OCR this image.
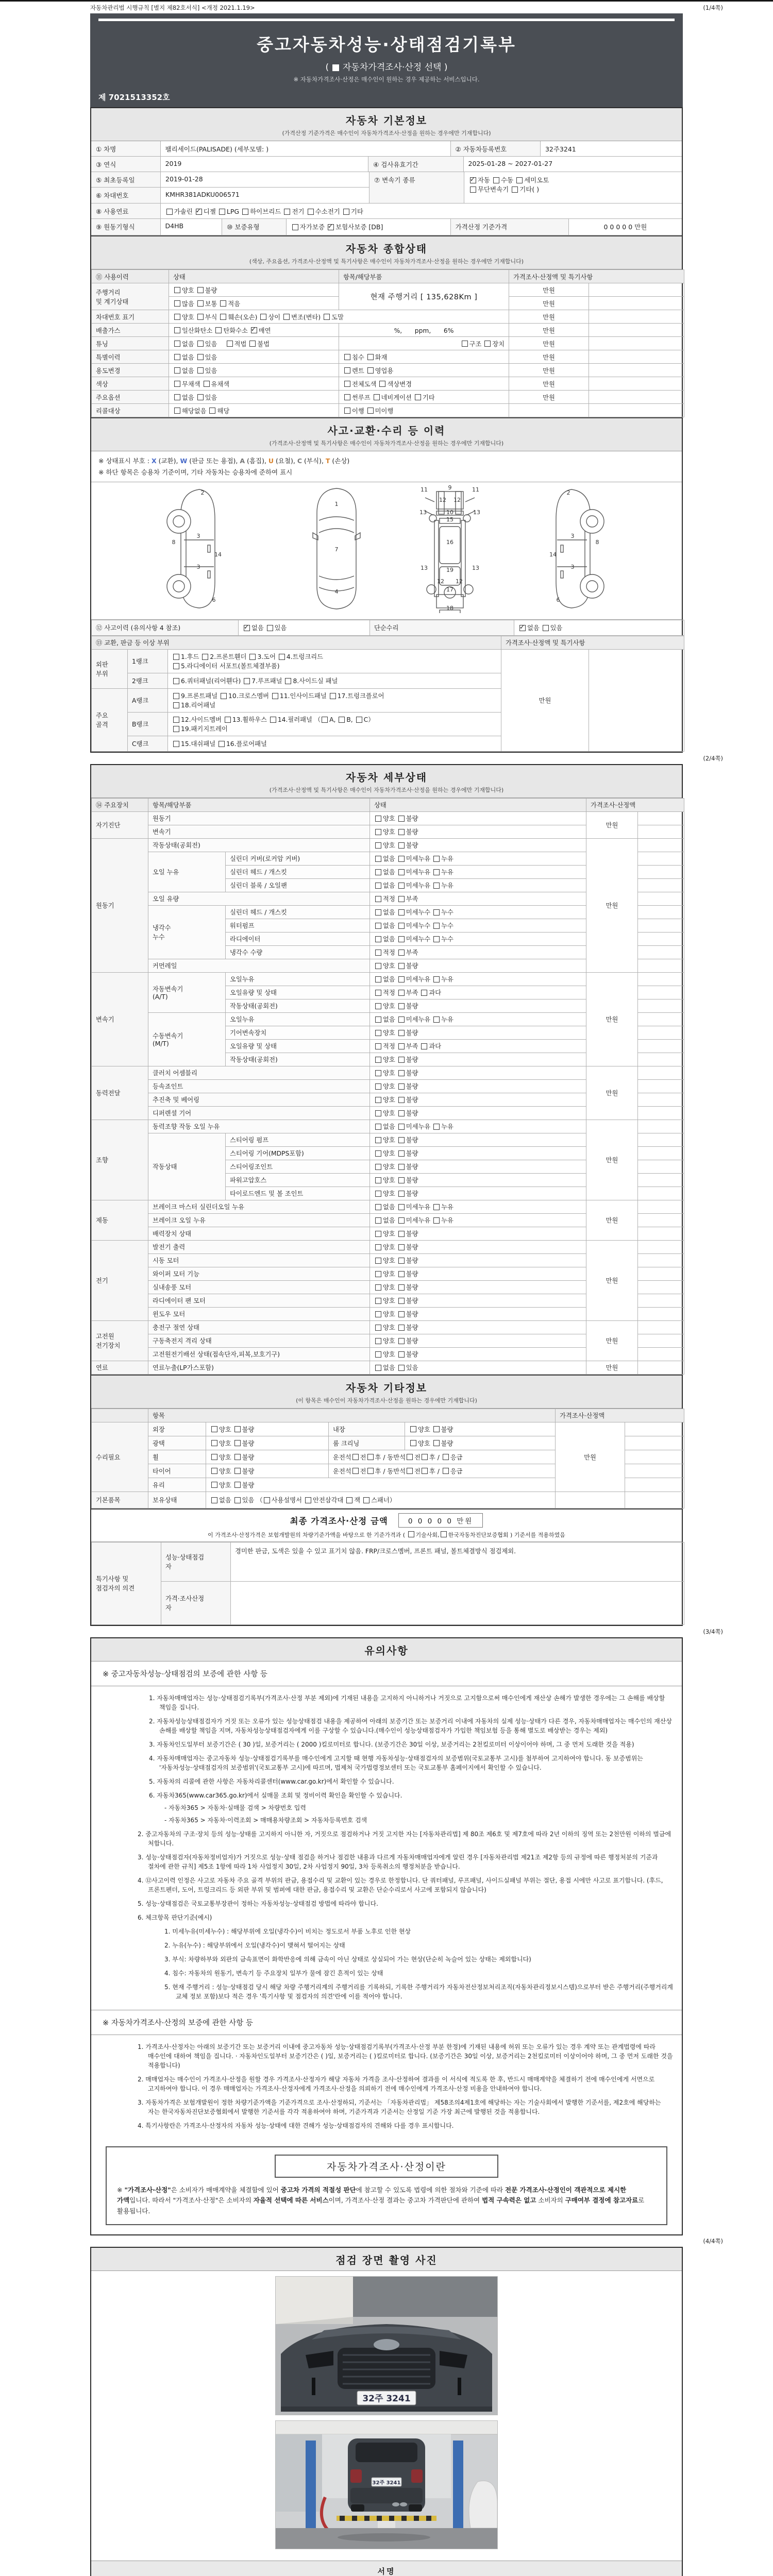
자동차관리법 시행규칙 [별지 제82호서식] <개정 2021.1.19>	(1/4쪽)
중고자동차성능·상태점검기록부
( ■ 자동차가격조사·산정 선택 )
※ 자동차가격조사·산정은 매수인이 원하는 경우 제공하는 서비스입니다.
제 7021513352호
자동차 기본정보

(가격산정 기준가격은 매수인이 자동차가격조사·산정을 원하는 경우에만 기재합니다)

① 차명	팰리세이드(PALISADE) (세부모델: )	② 자동차등록번호	32주3241
③ 연식	2019	④ 검사유효기간	2025-01-28 ~ 2027-01-27
⑤ 최초등록일	2019-01-28
⑥ 차대번호	KMHR381ADKU006571
⑦ 변속기 종류 ✓	자동 수동 세미오토
무단변속기 기타( )
⑧ 사용연료	가솔린 ✓디젤 LPG 하이브리드 전기 수소전기 기타
⑨ 원동기형식	D4HB	⑩ 보증유형	자가보증 ✓보험사보증 [DB]	가격산정 기준가격	0 0 0 0 0 만원
자동차 종합상태

(색상, 주요옵션, 가격조사·산정액 및 특기사항은 매수인이 자동차가격조사·산정을 원하는 경우에만 기재합니다)

⑪ 사용이력	상태	항목/해당부품	가격조사·산정액 및 특기사항	
주행거리
및 계기상태	양호 불량	현재 주행거리 [ 135,628Km ]	만원	
	많음 보통 적음		만원	
차대번호 표기	양호 부식 훼손(오손) 상이 변조(변타) 도말		만원	
배출가스	일산화탄소 탄화수소 ✓매연	%,　　ppm,　　6%	만원	
튜닝	없음 있음　 적법 불법	구조 장치	만원	
특별이력	없음 있음	침수 화재	만원	
용도변경	없음 있음	렌트 영업용	만원	
색상	무채색 유채색	전체도색 색상변경	만원	
주요옵션	없음 있음	썬루프 네비게이션 기타	만원	
리콜대상	해당없음 해당	이행 미이행		
사고·교환·수리 등 이력

(가격조사·산정액 및 특기사항은 매수인이 자동차가격조사·산정을 원하는 경우에만 기재합니다)

※ 상태표시 부호 : X (교환), W (판금 또는 용접), A (흠집), U (요철), C (부식), T (손상)
※ 하단 항목은 승용차 기준이며, 기타 자동차는 승용차에 준하여 표시
2
8
3
14
3
6
1
7
4
9
11	11
12 12
13	13
10
15
16
13	19	13
12 12
17
18
2
3
8
14
3
6
⑫ 사고이력 (유의사항 4 참조)	✓없음 있음	단순수리	✓없음 있음
⑬ 교환, 판금 등 이상 부위			가격조사·산정액 및 특기사항	
외판
부위	1랭크	1.후드 2.프론트휀더 3.도어 4.트렁크리드
5.라디에이터 서포트(볼트체결부품)	만원	
	2랭크	6.쿼터패널(리어휀다) 7.루프패널 8.사이드실 패널		
주요
골격	A랭크	9.프론트패널 10.크로스멤버 11.인사이드패널 17.트렁크플로어
18.리어패널		
	B랭크	12.사이드멤버 13.휠하우스 14.필러패널 （ A, B, C）
19.패키지트레이		
	C랭크	15.대쉬패널 16.플로어패널		
(2/4쪽)
자동차 세부상태

(가격조사·산정액 및 특기사항은 매수인이 자동차가격조사·산정을 원하는 경우에만 기재합니다)

⑭ 주요장치	항목/해당부품		상태	가격조사·산정액	
자기진단	원동기		양호 불량	만원	
	변속기		양호 불량		
원동기	작동상태(공회전)		양호 불량	만원	
	오일 누유	실린더 커버(로커암 커버)	없음 미세누유 누유		
		실린더 헤드 / 개스킷	없음 미세누유 누유		
		실린더 블록 / 오일팬	없음 미세누유 누유		
	오일 유량		적정 부족		
	냉각수
누수	실린더 헤드 / 개스킷	없음 미세누수 누수		
		워터펌프	없음 미세누수 누수		
		라디에이터	없음 미세누수 누수		
		냉각수 수량	적정 부족		
	커먼레일		양호 불량		
변속기	자동변속기
(A/T)	오일누유	없음 미세누유 누유	만원	
		오일유량 및 상태	적정 부족 과다		
		작동상태(공회전)	양호 불량		
	수동변속기
(M/T)	오일누유	없음 미세누유 누유		
		기어변속장치	양호 불량		
		오일유량 및 상태	적정 부족 과다		
		작동상태(공회전)	양호 불량		
동력전달	클러치 어셈블리		양호 불량	만원	
	등속죠인트		양호 불량		
	추진축 및 베어링		양호 불량		
	디퍼렌셜 기어		양호 불량		
조향	동력조향 작동 오일 누유		없음 미세누유 누유	만원	
	작동상태	스티어링 펌프	양호 불량		
		스티어링 기어(MDPS포함)	양호 불량		
		스티어링조인트	양호 불량		
		파워고압호스	양호 불량		
		타이로드엔드 및 볼 조인트	양호 불량		
제동	브레이크 마스터 실린더오일 누유		없음 미세누유 누유	만원	
	브레이크 오일 누유		없음 미세누유 누유		
	배력장치 상태		양호 불량		
전기	발전기 출력		양호 불량	만원	
	시동 모터		양호 불량		
	와이퍼 모터 기능		양호 불량		
	실내송풍 모터		양호 불량		
	라디에이터 팬 모터		양호 불량		
	윈도우 모터		양호 불량		
고전원
전기장치	충전구 절연 상태		양호 불량	만원	
	구동축전지 격리 상태		양호 불량		
	고전원전기배선 상태(접속단자,피복,보호기구)		양호 불량		
연료	연료누출(LP가스포함)		없음 있음	만원	
자동차 기타정보

(이 항목은 매수인이 자동차가격조사·산정을 원하는 경우에만 기재합니다)

	항목				가격조사·산정액	
수리필요	외장	양호 불량	내장	양호 불량	만원	
	광택	양호 불량	룸 크리닝	양호 불량		
	휠	양호 불량	운전석 전 후 / 동반석 전 후 / 응급			
	타이어	양호 불량	운전석 전 후 / 동반석 전 후 / 응급			
	유리	양호 불량				
기본품목	보유상태	없음 있음 （ 사용설명서 안전삼각대 잭 스패너）				
최종 가격조사·산정 금액	0 0 0 0 0 만원
이 가격조사·산정가격은 보험개발원의 차량기준가액을 바탕으로 한 기준가격과 ( 기술사회, 한국자동차진단보증협회 ) 기준서를 적용하였음
특기사항 및
점검자의 의견	성능·상태점검
자	경미한 판금, 도색은 있을 수 있고 표기치 않음. FRP/크로스멤버, 프론트 패널, 볼트체결방식 점검제외.
	가격·조사산정
자	
(3/4쪽)
유의사항
※ 중고자동차성능·상태점검의 보증에 관한 사항 등

1. 자동차매매업자는 성능·상태점검기록부(가격조사·산정 부분 제외)에 기재된 내용을 고지하지 아니하거나 거짓으로 고지함으로써 매수인에게 재산상 손해가 발생한 경우에는 그 손해를 배상할 책임을 집니다.

2. 자동차성능상태점검자가 거짓 또는 오류가 있는 성능상태점검 내용을 제공하여 아래의 보증기간 또는 보증거리 이내에 자동차의 실제 성능·상태가 다른 경우, 자동차매매업자는 매수인의 재산상 손해를 배상할 책임을 지며, 자동차성능상태점검자에게 이를 구상할 수 있습니다.(매수인이 성능상태점검자가 가입한 책임보험 등을 통해 별도로 배상받는 경우는 제외)

3. 자동차인도일부터 보증기간은 ( 30 )일, 보증거리는 ( 2000 )킬로미터로 합니다. (보증기간은 30일 이상, 보증거리는 2천킬로미터 이상이어야 하며, 그 중 먼저 도래한 것을 적용)

4. 자동차매매업자는 중고자동차 성능·상태점검기록부를 매수인에게 고지할 때 현행 자동차성능·상태점검자의 보증범위(국토교통부 고시)를 첨부하여 고지하여야 합니다. 동 보증범위는 '자동차성능·상태점검자의 보증범위'(국토교통부 고시)에 따르며, 법제처 국가법령정보센터 또는 국토교통부 홈페이지에서 확인할 수 있습니다.

5. 자동차의 리콜에 관한 사항은 자동차리콜센터(www.car.go.kr)에서 확인할 수 있습니다.

6. 자동차365(www.car365.go.kr)에서 실매물 조회 및 정비이력 확인을 확인할 수 있습니다.

- 자동차365 > 자동차·실매물 검색 > 차량번호 입력

- 자동차365 > 자동차·이력조회 > 매매용차량조회 > 자동차등록번호 검색

2. 중고자동차의 구조·장치 등의 성능·상태를 고지하지 아니한 자, 거짓으로 점검하거나 거짓 고지한 자는 [자동차관리법] 제 80조 제6호 및 제7호에 따라 2년 이하의 징역 또는 2천만원 이하의 벌금에 처합니다.

3. 성능·상태점검자(자동차정비업자)가 거짓으로 성능·상태 점검을 하거나 점검한 내용과 다르게 자동차매매업자에게 알린 경우 [자동차관리법 제21조 제2항 등의 규정에 따른 행정처분의 기준과 절차에 관한 규칙] 제5조 1항에 따라 1차 사업정지 30일, 2차 사업정지 90일, 3차 등록취소의 행정처분을 받습니다.

4. ⑫사고이력 인정은 사고로 자동차 주요 골격 부위의 판금, 용접수리 및 교환이 있는 경우로 한정합니다. 단 쿼터패널, 루프패널, 사이드실패널 부위는 절단, 용접 시에만 사고로 표기합니다. (후드, 프론트펜더, 도어, 트렁크리드 등 외판 부위 및 범퍼에 대한 판금, 용접수리 및 교환은 단순수리로서 사고에 포함되지 않습니다)

5. 성능·상태점검은 국토교통부장관이 정하는 자동차성능·상태점검 방법에 따라야 합니다.

6. 체크항목 판단기준(예시)

1. 미세누유(미세누수) : 해당부위에 오일(냉각수)이 비치는 정도로서 부품 노후로 인한 현상

2. 누유(누수) : 해당부위에서 오일(냉각수)이 맺혀서 떨어지는 상태

3. 부식: 차량하부와 외판의 금속표면이 화학반응에 의해 금속이 아닌 상태로 상실되어 가는 현상(단순히 녹슬어 있는 상태는 제외합니다)

4. 침수: 자동차의 원동기, 변속기 등 주요장치 일부가 물에 잠긴 흔적이 있는 상태

5. 현재 주행거리 : 성능·상태점검 당시 해당 차량 주행거리계의 주행거리를 기록하되, 기록한 주행거리가 자동차전산정보처리조직(자동차관리정보시스템)으로부터 받은 주행거리(주행거리계 교체 정보 포함)보다 적은 경우 '특기사항 및 점검자의 의견'란에 이를 적어야 합니다.

※ 자동차가격조사·산정의 보증에 관한 사항 등

1. 가격조사·산정자는 아래의 보증기간 또는 보증거리 이내에 중고자동차 성능·상태점검기록부(가격조사·산정 부분 한정)에 기재된 내용에 허위 또는 오류가 있는 경우 계약 또는 관계법령에 따라 매수인에 대하여 책임을 집니다. · 자동차인도일부터 보증기간은 ( )일, 보증거리는 ( )킬로미터로 합니다. (보증기간은 30일 이상, 보증거리는 2천킬로미터 이상이어야 하며, 그 중 먼저 도래한 것을 적용합니다)

2. 매매업자는 매수인이 가격조사·산정을 원할 경우 가격조사·산정자가 해당 자동차 가격을 조사·산정하여 결과를 이 서식에 적도록 한 후, 반드시 매매계약을 체결하기 전에 매수인에게 서면으로 고지하여야 합니다. 이 경우 매매업자는 가격조사·산정자에게 가격조사·산정을 의뢰하기 전에 매수인에게 가격조사·산정 비용을 안내하여야 합니다.

3. 자동차가격은 보험개발원이 정한 차량기준가액을 기준가격으로 조사·산정하되, 기준서는 「자동차관리법」 제58조의4제1호에 해당하는 자는 기술사회에서 발행한 기준서를, 제2호에 해당하는 자는 한국자동차진단보증협회에서 발행한 기준서를 각각 적용하여야 하며, 기준가격과 기준서는 산정일 기준 가장 최근에 발행된 것을 적용합니다.

4. 특기사항란은 가격조사·산정자의 자동차 성능·상태에 대한 견해가 성능·상태점검자의 견해와 다를 경우 표시합니다.

자동차가격조사·산정이란
※ "가격조사·산정"은 소비자가 매매계약을 체결함에 있어 중고차 가격의 적절성 판단에 참고할 수 있도록 법령에 의한 절차와 기준에 따라 전문 가격조사·산정인이 객관적으로 제시한 가액입니다. 따라서 "가격조사·산정"은 소비자의 자율적 선택에 따른 서비스이며, 가격조사·산정 결과는 중고차 가격판단에 관하여 법적 구속력은 없고 소비자의 구매여부 결정에 참고자료로 활용됩니다.
(4/4쪽)
점검 장면 촬영 사진
32주 3241
32주 3241
서명
